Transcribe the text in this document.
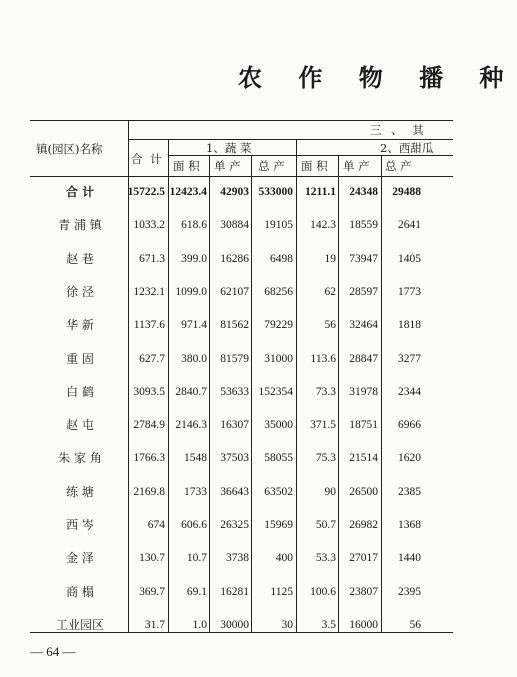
农 作 物 播 种
镇(园区)名称
合 计
三 、 其
1、蔬 菜	2、西甜瓜
面 积 单 产 总 产 面 积 单 产 总 产
合 计	15722.5 12423.4	42903 533000	1211.1	24348	29488
青 浦 镇	1033.2	618.6	30884	19105	142.3	18559	2641
赵 巷	671.3	399.0	16286	6498	19	73947	1405
徐 泾	1232.1 1099.0	62107	68256	62	28597	1773
华 新	1137.6	971.4	81562	79229	56	32464	1818
重 固	627.7	380.0	81579	31000	113.6	28847	3277
白 鹤	3093.5 2840.7	53633 152354	73.3	31978	2344
赵 屯	2784.9 2146.3	16307	35000	371.5	18751	6966
朱 家 角	1766.3	1548	37503	58055	75.3	21514	1620
练 塘	2169.8	1733	36643	63502	90	26500	2385
西 岑	674	606.6	26325	15969	50.7	26982	1368
金 泽	130.7	10.7	3738	400	53.3	27017	1440
商 榻	369.7	69.1	16281	1125	100.6	23807	2395
工业园区	31.7	1.0	30000	30	3.5	16000	56
— 64 —
